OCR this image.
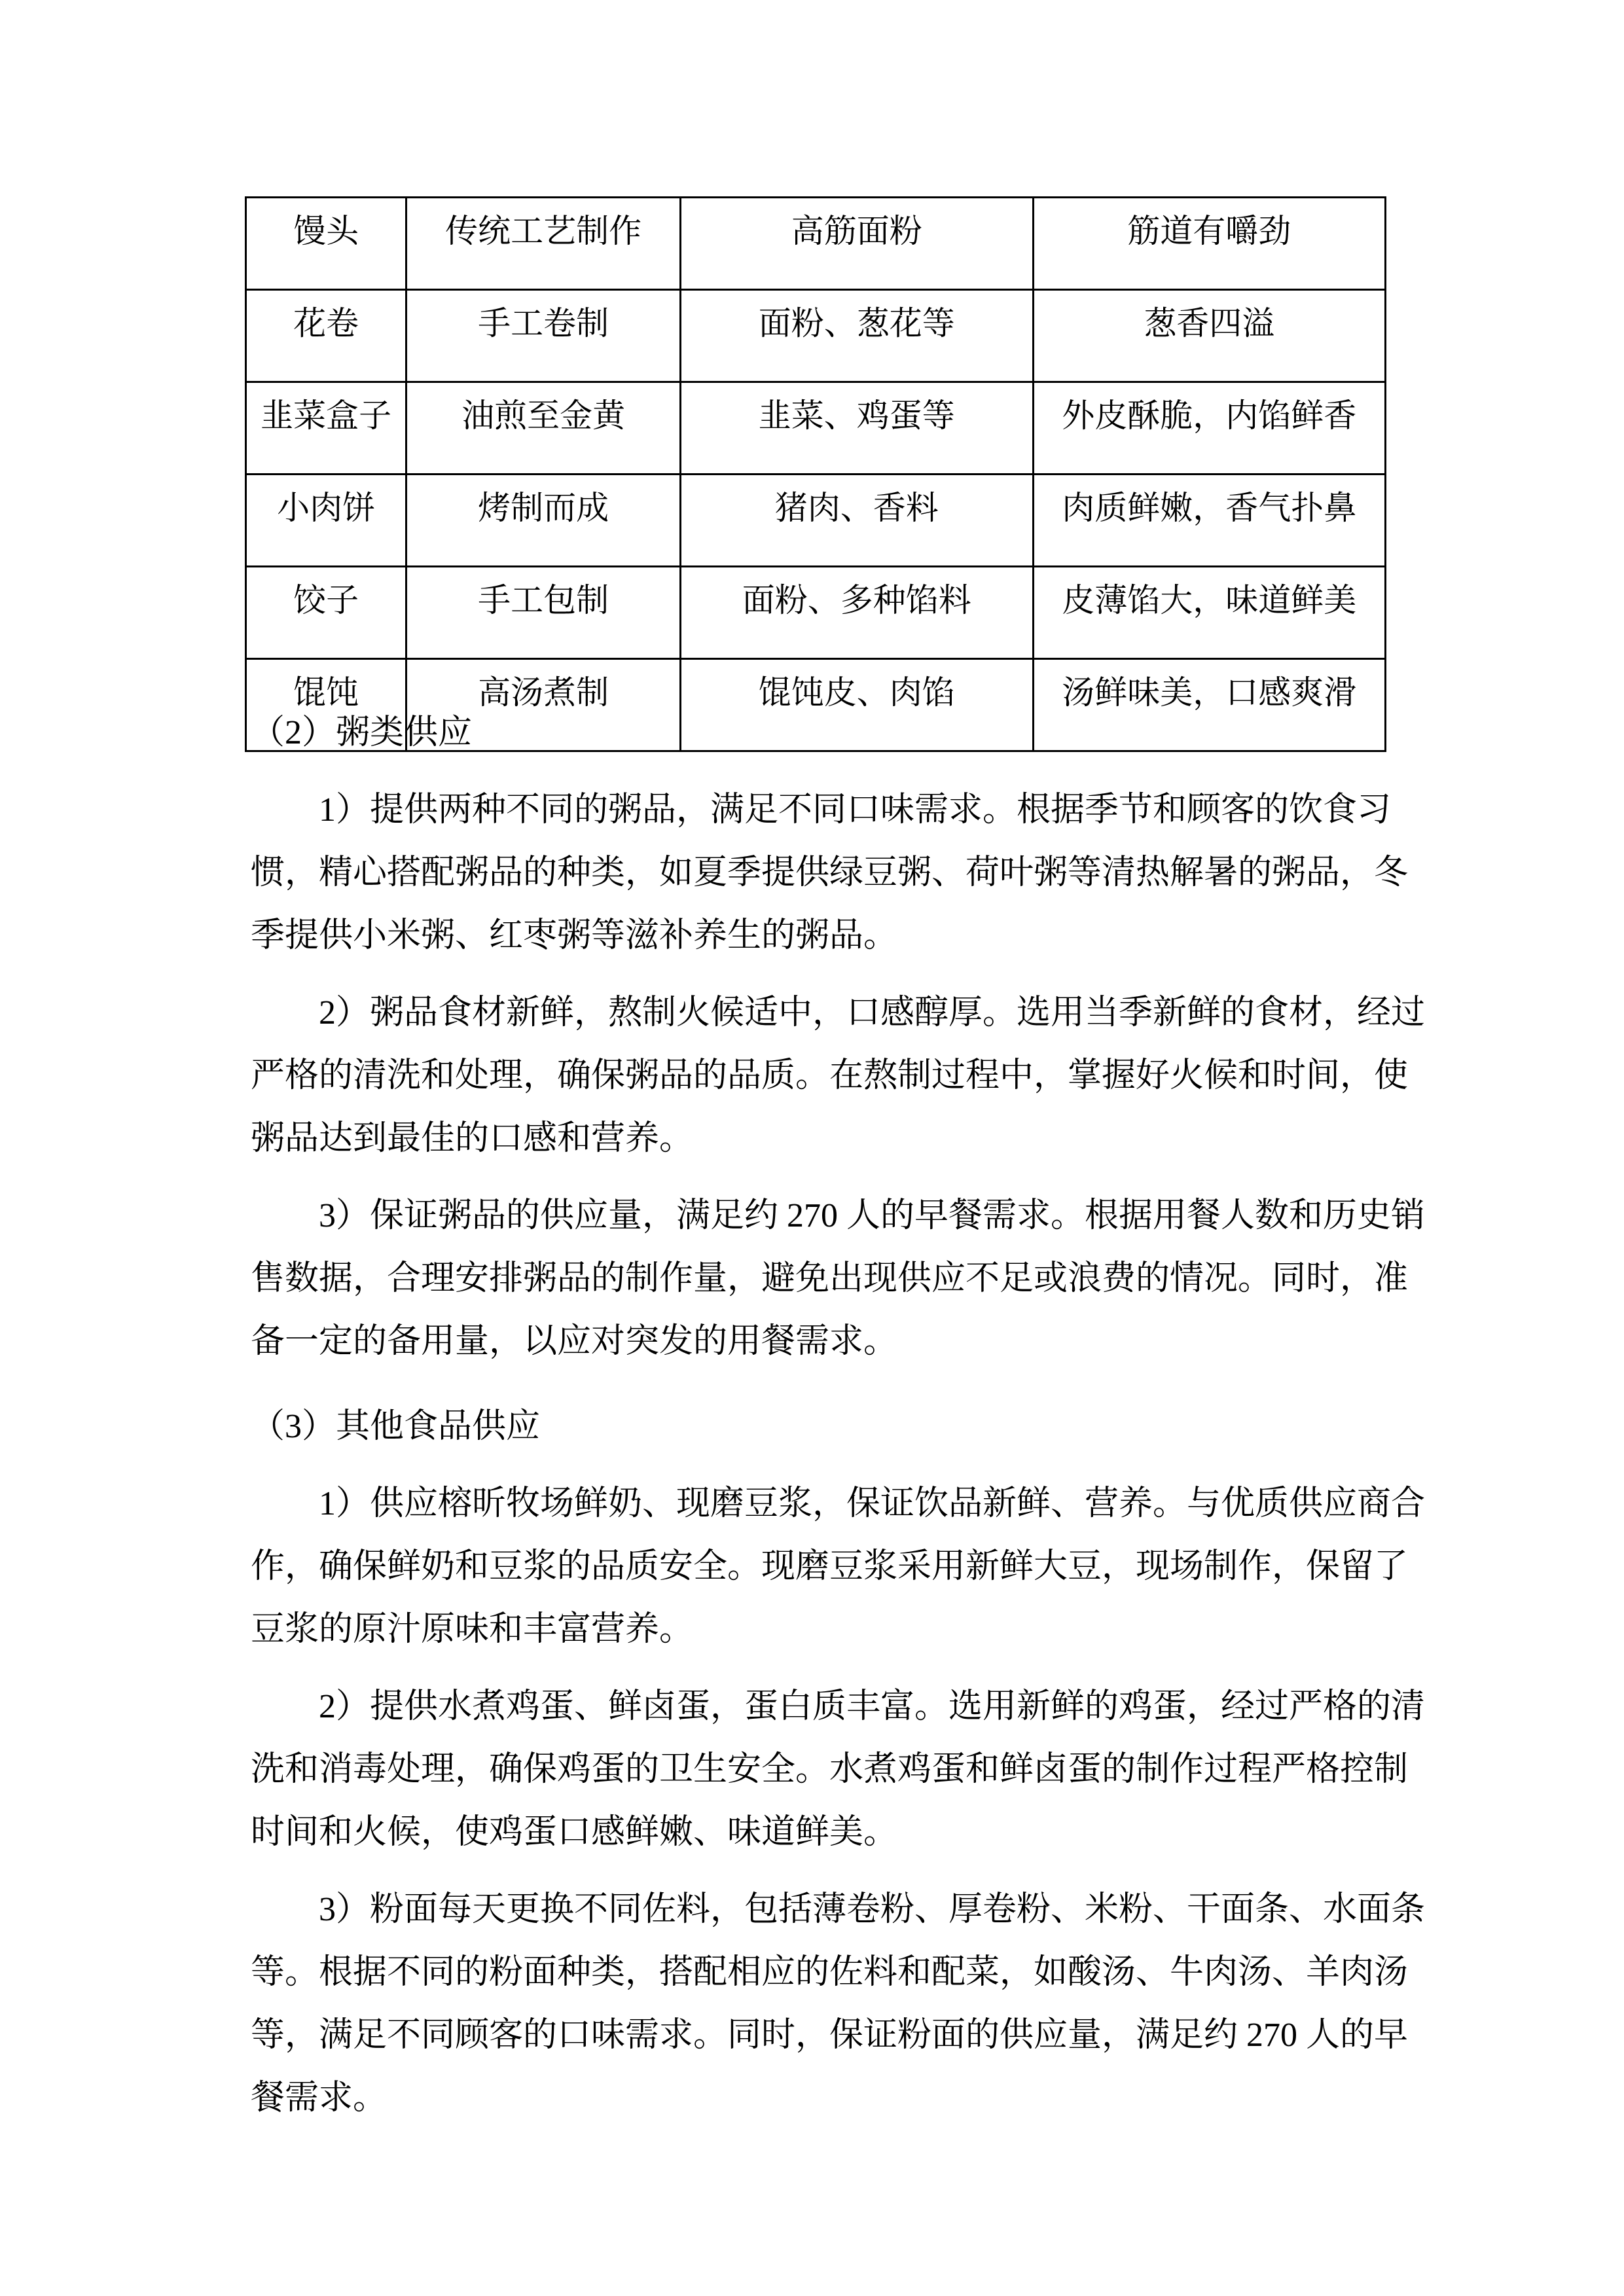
馒头	传统工艺制作	高筋面粉	筋道有嚼劲
花卷	手工卷制	面粉、葱花等	葱香四溢
韭菜盒子	油煎至金黄	韭菜、鸡蛋等	外皮酥脆，内馅鲜香
小肉饼	烤制而成	猪肉、香料	肉质鲜嫩，香气扑鼻
饺子	手工包制	面粉、多种馅料	皮薄馅大，味道鲜美
馄饨	高汤煮制	馄饨皮、肉馅	汤鲜味美，口感爽滑
（2）粥类供应
1）提供两种不同的粥品，满足不同口味需求。根据季节和顾客的饮食习
惯，精心搭配粥品的种类，如夏季提供绿豆粥、荷叶粥等清热解暑的粥品，冬
季提供小米粥、红枣粥等滋补养生的粥品。
2）粥品食材新鲜，熬制火候适中，口感醇厚。选用当季新鲜的食材，经过
严格的清洗和处理，确保粥品的品质。在熬制过程中，掌握好火候和时间，使
粥品达到最佳的口感和营养。
3）保证粥品的供应量，满足约 270 人的早餐需求。根据用餐人数和历史销
售数据，合理安排粥品的制作量，避免出现供应不足或浪费的情况。同时，准
备一定的备用量，以应对突发的用餐需求。
（3）其他食品供应
1）供应榕昕牧场鲜奶、现磨豆浆，保证饮品新鲜、营养。与优质供应商合
作，确保鲜奶和豆浆的品质安全。现磨豆浆采用新鲜大豆，现场制作，保留了
豆浆的原汁原味和丰富营养。
2）提供水煮鸡蛋、鲜卤蛋，蛋白质丰富。选用新鲜的鸡蛋，经过严格的清
洗和消毒处理，确保鸡蛋的卫生安全。水煮鸡蛋和鲜卤蛋的制作过程严格控制
时间和火候，使鸡蛋口感鲜嫩、味道鲜美。
3）粉面每天更换不同佐料，包括薄卷粉、厚卷粉、米粉、干面条、水面条
等。根据不同的粉面种类，搭配相应的佐料和配菜，如酸汤、牛肉汤、羊肉汤
等，满足不同顾客的口味需求。同时，保证粉面的供应量，满足约 270 人的早
餐需求。
